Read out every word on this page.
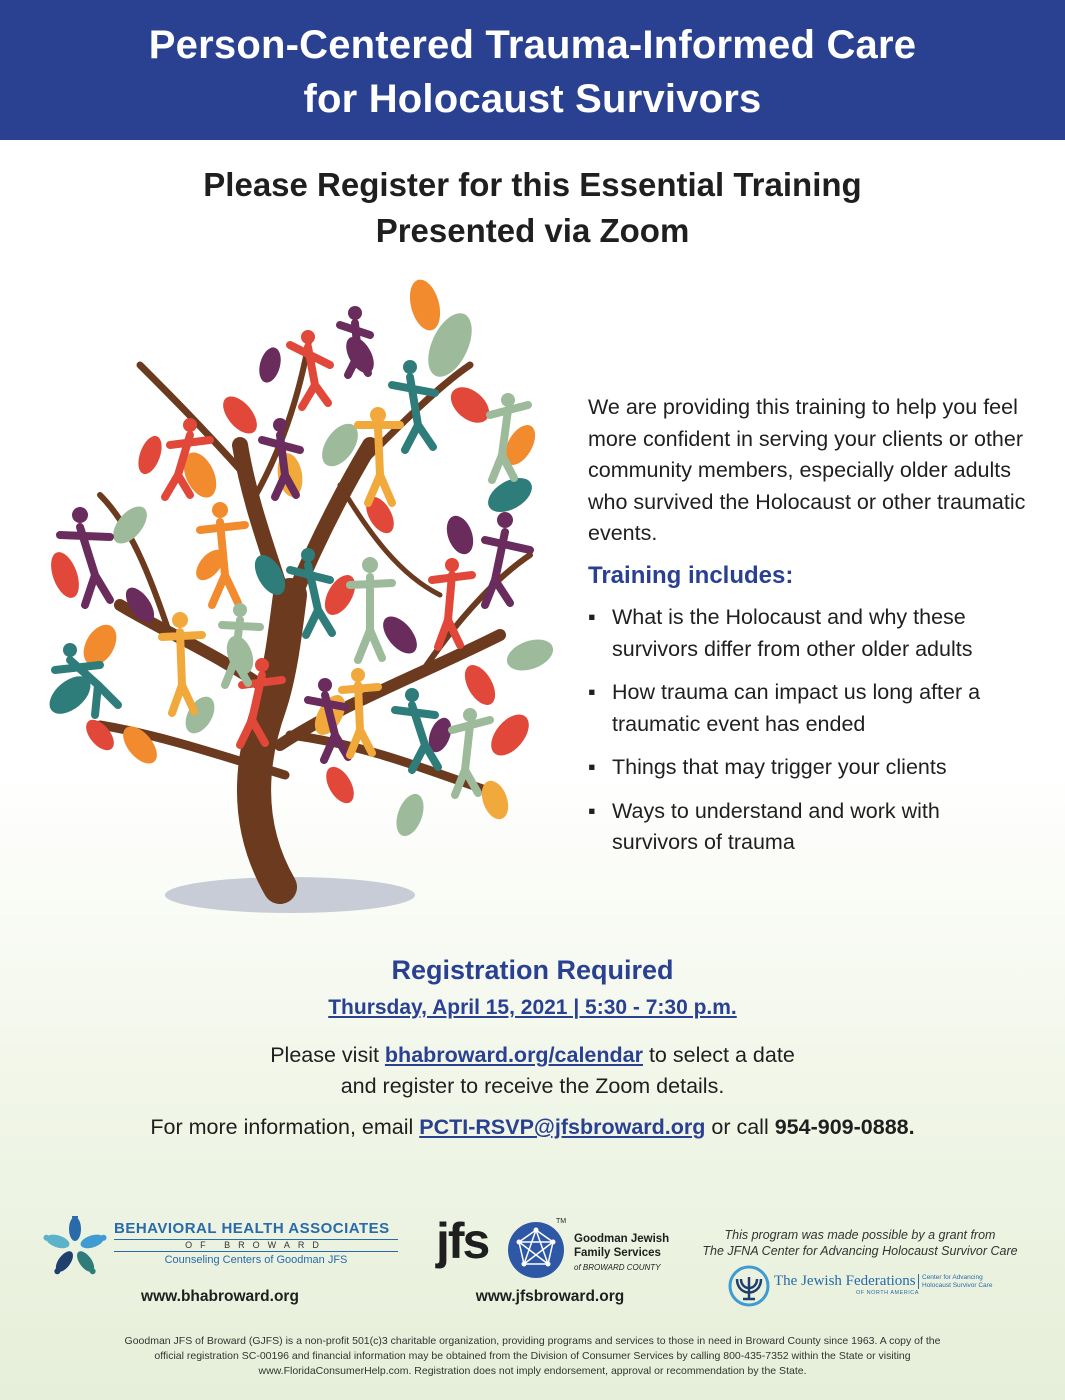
Person-Centered Trauma-Informed Care
for Holocaust Survivors
Please Register for this Essential Training
Presented via Zoom
We are providing this training to help you feel more confident in serving your clients or other community members, especially older adults who survived the Holocaust or other traumatic events.
Training includes:
▪ What is the Holocaust and why these survivors differ from other older adults
▪ How trauma can impact us long after a traumatic event has ended
▪ Things that may trigger your clients
▪ Ways to understand and work with survivors of trauma
Registration Required
Thursday, April 15, 2021 | 5:30 - 7:30 p.m.
Please visit bhabroward.org/calendar to select a date
and register to receive the Zoom details.
For more information, email PCTI-RSVP@jfsbroward.org or call 954-909-0888.
BEHAVIORAL HEALTH ASSOCIATES
OF BROWARD
Counseling Centers of Goodman JFS
www.bhabroward.org
jfs	TM
Goodman Jewish
Family Services
of BROWARD COUNTY
www.jfsbroward.org
This program was made possible by a grant from
The JFNA Center for Advancing Holocaust Survivor Care
The Jewish Federations
OF NORTH AMERICA
Center for Advancing Holocaust Survivor Care
Goodman JFS of Broward (GJFS) is a non-profit 501(c)3 charitable organization, providing programs and services to those in need in Broward County since 1963. A copy of the official registration SC-00196 and financial information may be obtained from the Division of Consumer Services by calling 800-435-7352 within the State or visiting www.FloridaConsumerHelp.com. Registration does not imply endorsement, approval or recommendation by the State.
